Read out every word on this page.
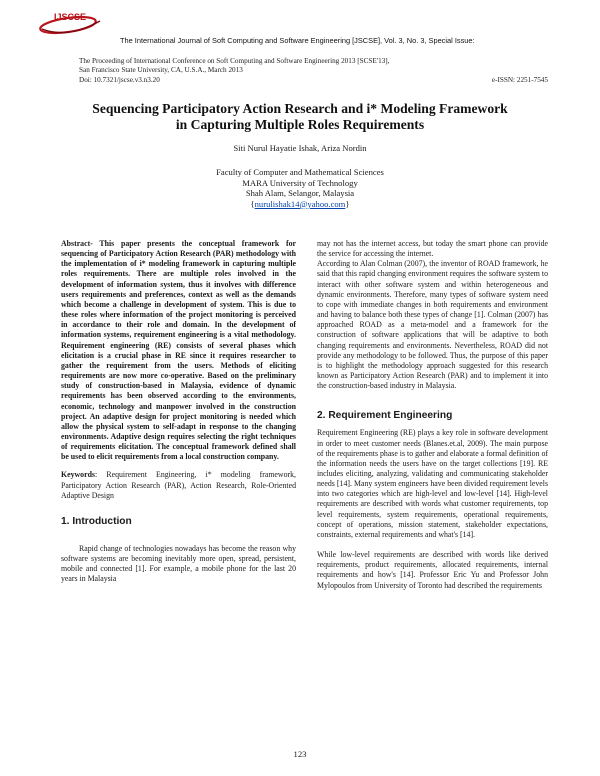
IJSCSE
The International Journal of Soft Computing and Software Engineering [JSCSE], Vol. 3, No. 3, Special Issue:
The Proceeding of International Conference on Soft Computing and Software Engineering 2013 [SCSE'13],
San Francisco State University, CA, U.S.A., March 2013
Doi: 10.7321/jscse.v3.n3.20	e-ISSN: 2251-7545
Sequencing Participatory Action Research and i* Modeling Framework
in Capturing Multiple Roles Requirements
Siti Nurul Hayatie Ishak, Ariza Nordin
Faculty of Computer and Mathematical Sciences
MARA University of Technology
Shah Alam, Selangor, Malaysia
{nurulishak14@yahoo.com}

Abstract- This paper presents the conceptual framework for sequencing of Participatory Action Research (PAR) methodology with the implementation of i* modeling framework in capturing multiple roles requirements. There are multiple roles involved in the development of information system, thus it involves with difference users requirements and preferences, context as well as the demands which become a challenge in development of system. This is due to these roles where information of the project monitoring is perceived in accordance to their role and domain. In the development of information systems, requirement engineering is a vital methodology. Requirement engineering (RE) consists of several phases which elicitation is a crucial phase in RE since it requires researcher to gather the requirement from the users. Methods of eliciting requirements are now more co-operative. Based on the preliminary study of construction-based in Malaysia, evidence of dynamic requirements has been observed according to the environments, economic, technology and manpower involved in the construction project. An adaptive design for project monitoring is needed which allow the physical system to self-adapt in response to the changing environments. Adaptive design requires selecting the right techniques of requirements elicitation. The conceptual framework defined shall be used to elicit requirements from a local construction company.

Keywords: Requirement Engineering, i* modeling framework, Participatory Action Research (PAR), Action Research, Role-Oriented Adaptive Design

1. Introduction

Rapid change of technologies nowadays has become the reason why software systems are becoming inevitably more open, spread, persistent, mobile and connected [1]. For example, a mobile phone for the last 20 years in Malaysia

may not has the internet access, but today the smart phone can provide the service for accessing the internet.

According to Alan Colman (2007), the inventor of ROAD framework, he said that this rapid changing environment requires the software system to interact with other software system and within heterogeneous and dynamic environments. Therefore, many types of software system need to cope with immediate changes in both requirements and environment and having to balance both these types of change [1]. Colman (2007) has approached ROAD as a meta-model and a framework for the construction of software applications that will be adaptive to both changing requirements and environments. Nevertheless, ROAD did not provide any methodology to be followed. Thus, the purpose of this paper is to highlight the methodology approach suggested for this research known as Participatory Action Research (PAR) and to implement it into the construction-based industry in Malaysia.

2. Requirement Engineering

Requirement Engineering (RE) plays a key role in software development in order to meet customer needs (Blanes.et.al, 2009). The main purpose of the requirements phase is to gather and elaborate a formal definition of the information needs the users have on the target collections [19]. RE includes eliciting, analyzing, validating and communicating stakeholder needs [14]. Many system engineers have been divided requirement levels into two categories which are high-level and low-level [14]. High-level requirements are described with words what customer requirements, top level requirements, system requirements, operational requirements, concept of operations, mission statement, stakeholder expectations, constraints, external requirements and what's [14].

While low-level requirements are described with words like derived requirements, product requirements, allocated requirements, internal requirements and how's [14]. Professor Eric Yu and Professor John Mylopoulos from University of Toronto had described the requirements

123
